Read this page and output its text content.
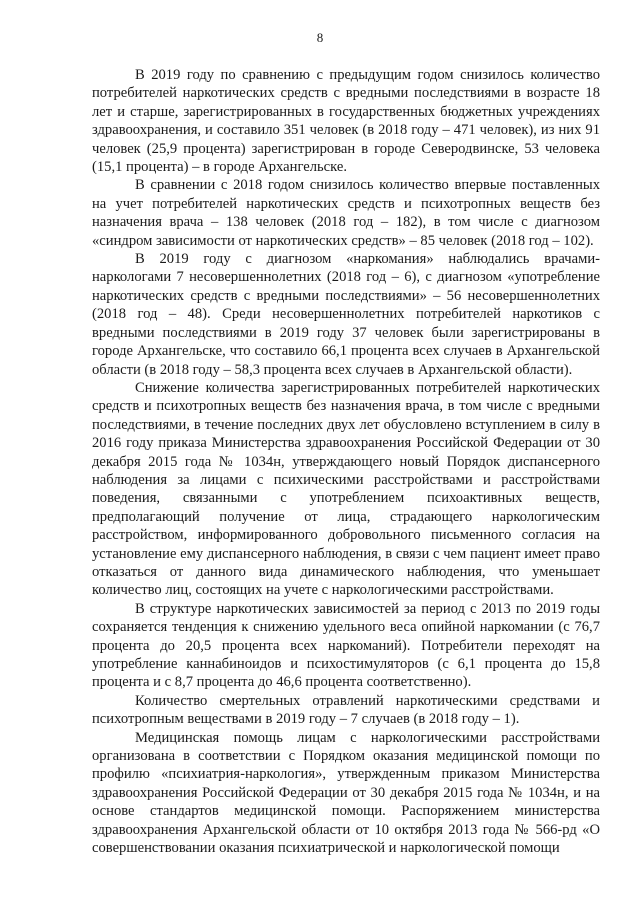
8

В 2019 году по сравнению с предыдущим годом снизилось количество потребителей наркотических средств с вредными последствиями в возрасте 18 лет и старше, зарегистрированных в государственных бюджетных учреждениях здравоохранения, и составило 351 человек (в 2018 году – 471 человек), из них 91 человек (25,9 процента) зарегистрирован в городе Северодвинске, 53 человека (15,1 процента) – в городе Архангельске.

В сравнении с 2018 годом снизилось количество впервые поставленных на учет потребителей наркотических средств и психотропных веществ без назначения врача – 138 человек (2018 год – 182), в том числе с диагнозом «синдром зависимости от наркотических средств» – 85 человек (2018 год – 102).

В 2019 году с диагнозом «наркомания» наблюдались врачами-наркологами 7 несовершеннолетних (2018 год – 6), с диагнозом «употребление наркотических средств с вредными последствиями» – 56 несовершеннолетних (2018 год – 48). Среди несовершеннолетних потребителей наркотиков с вредными последствиями в 2019 году 37 человек были зарегистрированы в городе Архангельске, что составило 66,1 процента всех случаев в Архангельской области (в 2018 году – 58,3 процента всех случаев в Архангельской области).

Снижение количества зарегистрированных потребителей наркотических средств и психотропных веществ без назначения врача, в том числе с вредными последствиями, в течение последних двух лет обусловлено вступлением в силу в 2016 году приказа Министерства здравоохранения Российской Федерации от 30 декабря 2015 года № 1034н, утверждающего новый Порядок диспансерного наблюдения за лицами с психическими расстройствами и расстройствами поведения, связанными с употреблением психоактивных веществ, предполагающий получение от лица, страдающего наркологическим расстройством, информированного добровольного письменного согласия на установление ему диспансерного наблюдения, в связи с чем пациент имеет право отказаться от данного вида динамического наблюдения, что уменьшает количество лиц, состоящих на учете с наркологическими расстройствами.

В структуре наркотических зависимостей за период с 2013 по 2019 годы сохраняется тенденция к снижению удельного веса опийной наркомании (с 76,7 процента до 20,5 процента всех наркоманий). Потребители переходят на употребление каннабиноидов и психостимуляторов (с 6,1 процента до 15,8 процента и с 8,7 процента до 46,6 процента соответственно).

Количество смертельных отравлений наркотическими средствами и психотропным веществами в 2019 году – 7 случаев (в 2018 году – 1).

Медицинская помощь лицам с наркологическими расстройствами организована в соответствии с Порядком оказания медицинской помощи по профилю «психиатрия-наркология», утвержденным приказом Министерства здравоохранения Российской Федерации от 30 декабря 2015 года № 1034н, и на основе стандартов медицинской помощи. Распоряжением министерства здравоохранения Архангельской области от 10 октября 2013 года № 566-рд «О совершенствовании оказания психиатрической и наркологической помощи
